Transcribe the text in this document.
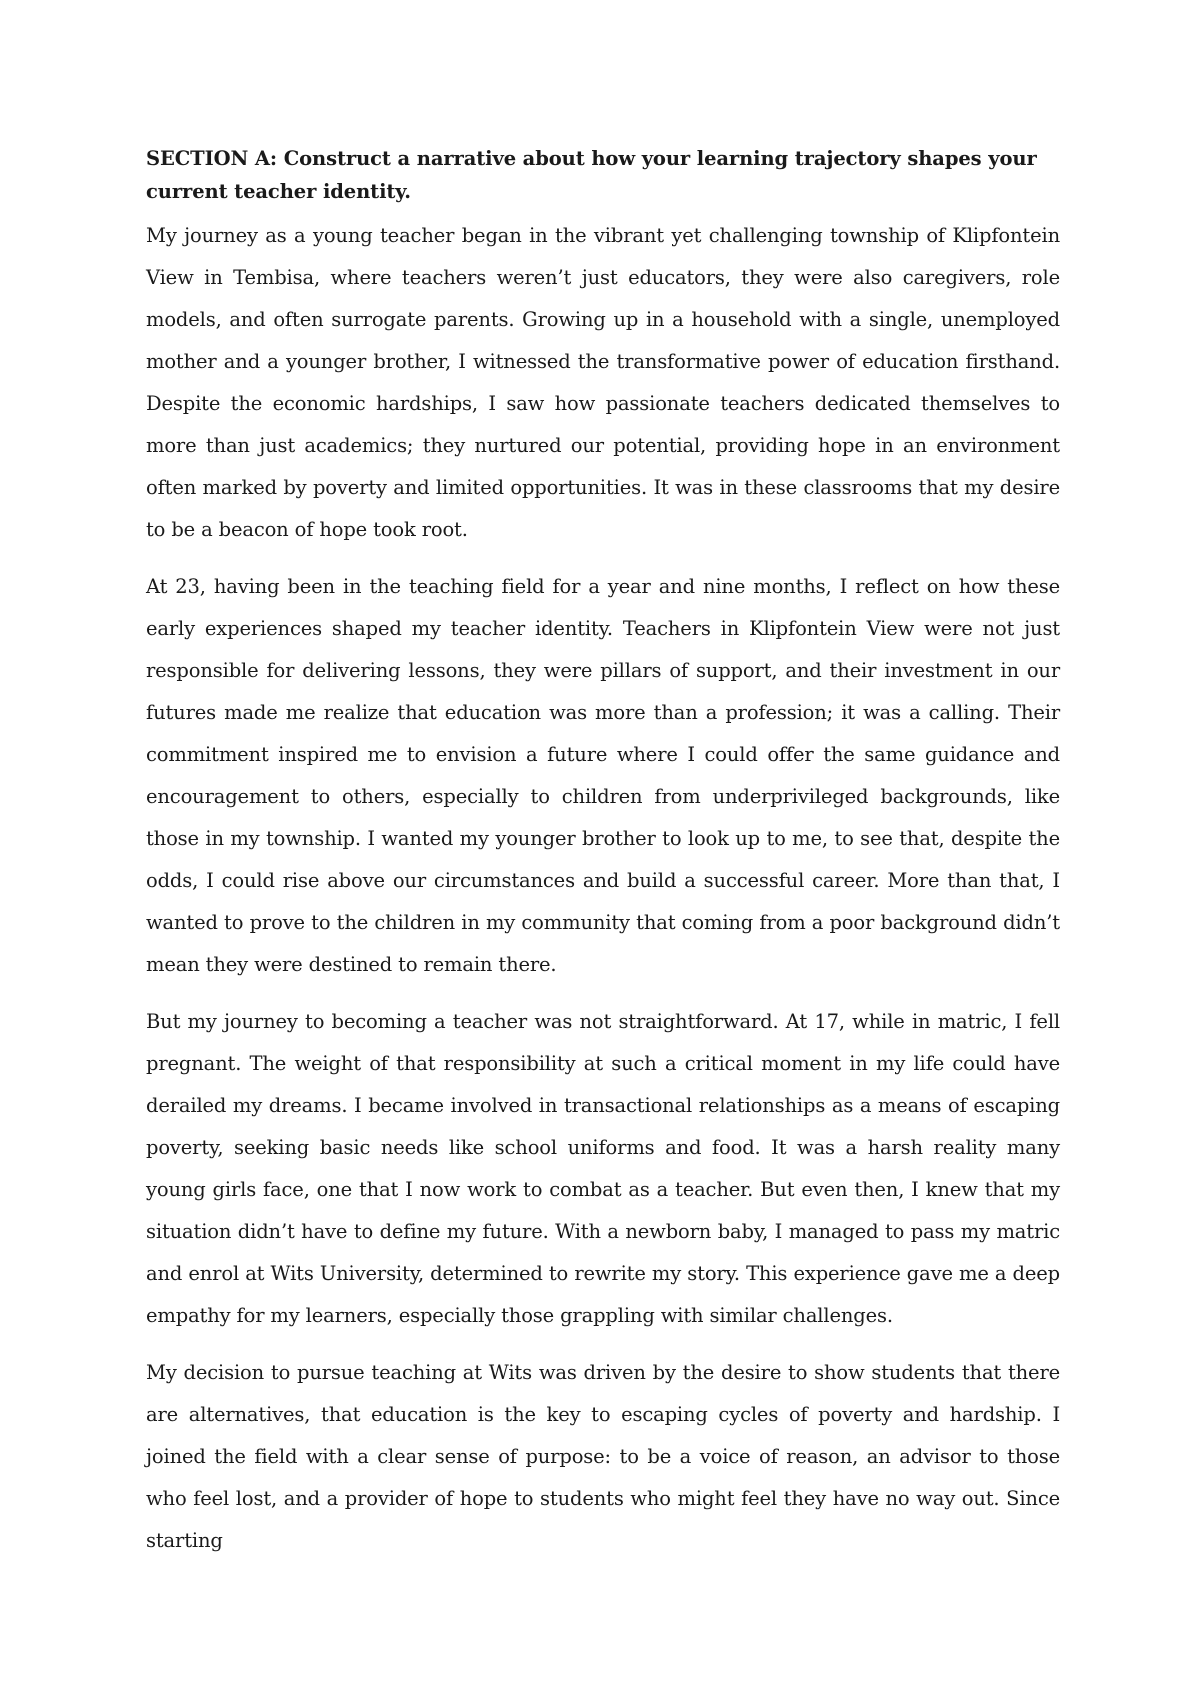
SECTION A: Construct a narrative about how your learning trajectory shapes your current teacher identity.

My journey as a young teacher began in the vibrant yet challenging township of Klipfontein View in Tembisa, where teachers weren’t just educators, they were also caregivers, role models, and often surrogate parents. Growing up in a household with a single, unemployed mother and a younger brother, I witnessed the transformative power of education firsthand. Despite the economic hardships, I saw how passionate teachers dedicated themselves to more than just academics; they nurtured our potential, providing hope in an environment often marked by poverty and limited opportunities. It was in these classrooms that my desire to be a beacon of hope took root.

At 23, having been in the teaching field for a year and nine months, I reflect on how these early experiences shaped my teacher identity. Teachers in Klipfontein View were not just responsible for delivering lessons, they were pillars of support, and their investment in our futures made me realize that education was more than a profession; it was a calling. Their commitment inspired me to envision a future where I could offer the same guidance and encouragement to others, especially to children from underprivileged backgrounds, like those in my township. I wanted my younger brother to look up to me, to see that, despite the odds, I could rise above our circumstances and build a successful career. More than that, I wanted to prove to the children in my community that coming from a poor background didn’t mean they were destined to remain there.

But my journey to becoming a teacher was not straightforward. At 17, while in matric, I fell pregnant. The weight of that responsibility at such a critical moment in my life could have derailed my dreams. I became involved in transactional relationships as a means of escaping poverty, seeking basic needs like school uniforms and food. It was a harsh reality many young girls face, one that I now work to combat as a teacher. But even then, I knew that my situation didn’t have to define my future. With a newborn baby, I managed to pass my matric and enrol at Wits University, determined to rewrite my story. This experience gave me a deep empathy for my learners, especially those grappling with similar challenges.

My decision to pursue teaching at Wits was driven by the desire to show students that there are alternatives, that education is the key to escaping cycles of poverty and hardship. I joined the field with a clear sense of purpose: to be a voice of reason, an advisor to those who feel lost, and a provider of hope to students who might feel they have no way out. Since starting
